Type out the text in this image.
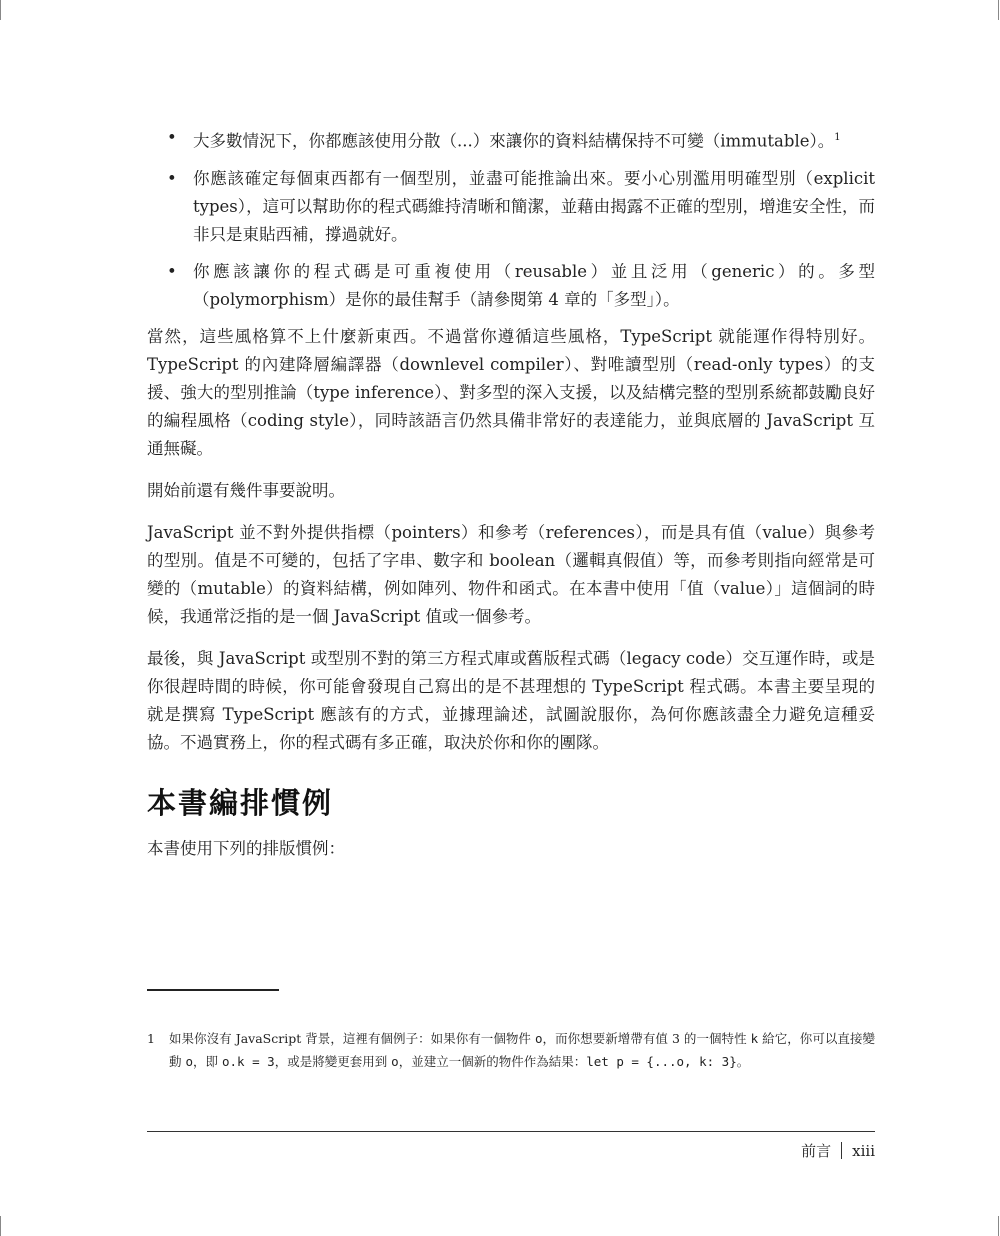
• 大多數情況下，你都應該使用分散（...）來讓你的資料結構保持不可變（immutable）。$^1$
• 你應該確定每個東西都有一個型別，並盡可能推論出來。要小心別濫用明確型別（explicit types），這可以幫助你的程式碼維持清晰和簡潔，並藉由揭露不正確的型別，增進安全性，而非只是東貼西補，撐過就好。
• 你應該讓你的程式碼是可重複使用（reusable）並且泛用（generic）的。多型（polymorphism）是你的最佳幫手（請參閱第 4 章的「多型」）。

當然，這些風格算不上什麼新東西。不過當你遵循這些風格，TypeScript 就能運作得特別好。TypeScript 的內建降層編譯器（downlevel compiler）、對唯讀型別（read-only types）的支援、強大的型別推論（type inference）、對多型的深入支援，以及結構完整的型別系統都鼓勵良好的編程風格（coding style），同時該語言仍然具備非常好的表達能力，並與底層的 JavaScript 互通無礙。

開始前還有幾件事要說明。

JavaScript 並不對外提供指標（pointers）和參考（references），而是具有值（value）與參考的型別。值是不可變的，包括了字串、數字和 boolean（邏輯真假值）等，而參考則指向經常是可變的（mutable）的資料結構，例如陣列、物件和函式。在本書中使用「值（value）」這個詞的時候，我通常泛指的是一個 JavaScript 值或一個參考。

最後，與 JavaScript 或型別不對的第三方程式庫或舊版程式碼（legacy code）交互運作時，或是你很趕時間的時候，你可能會發現自己寫出的是不甚理想的 TypeScript 程式碼。本書主要呈現的就是撰寫 TypeScript 應該有的方式，並據理論述，試圖說服你，為何你應該盡全力避免這種妥協。不過實務上，你的程式碼有多正確，取決於你和你的團隊。

本書編排慣例

本書使用下列的排版慣例：

1 如果你沒有 JavaScript 背景，這裡有個例子：如果你有一個物件 o，而你想要新增帶有值 3 的一個特性 k 給它，你可以直接變動 o，即 o.k = 3，或是將變更套用到 o，並建立一個新的物件作為結果：let p = {...o, k: 3}。
前言 xiii
